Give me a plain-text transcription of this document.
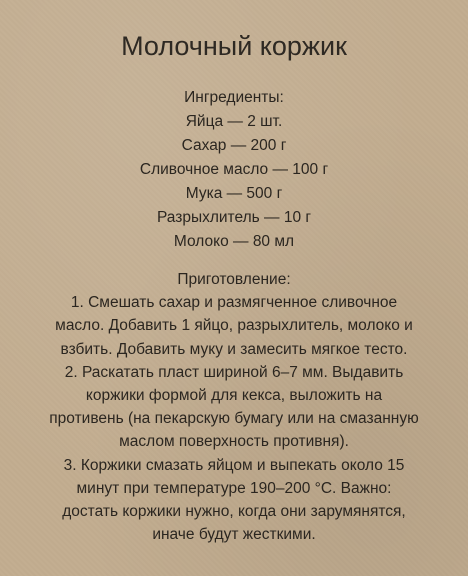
Молочный коржик
Ингредиенты:
Яйца — 2 шт.
Сахар — 200 г
Сливочное масло — 100 г
Мука — 500 г
Разрыхлитель — 10 г
Молоко — 80 мл
Приготовление:
1. Смешать сахар и размягченное сливочное
масло. Добавить 1 яйцо, разрыхлитель, молоко и
взбить. Добавить муку и замесить мягкое тесто.
2. Раскатать пласт шириной 6–7 мм. Выдавить
коржики формой для кекса, выложить на
противень (на пекарскую бумагу или на смазанную
маслом поверхность противня).
3. Коржики смазать яйцом и выпекать около 15
минут при температуре 190–200 °С. Важно:
достать коржики нужно, когда они зарумянятся,
иначе будут жесткими.
